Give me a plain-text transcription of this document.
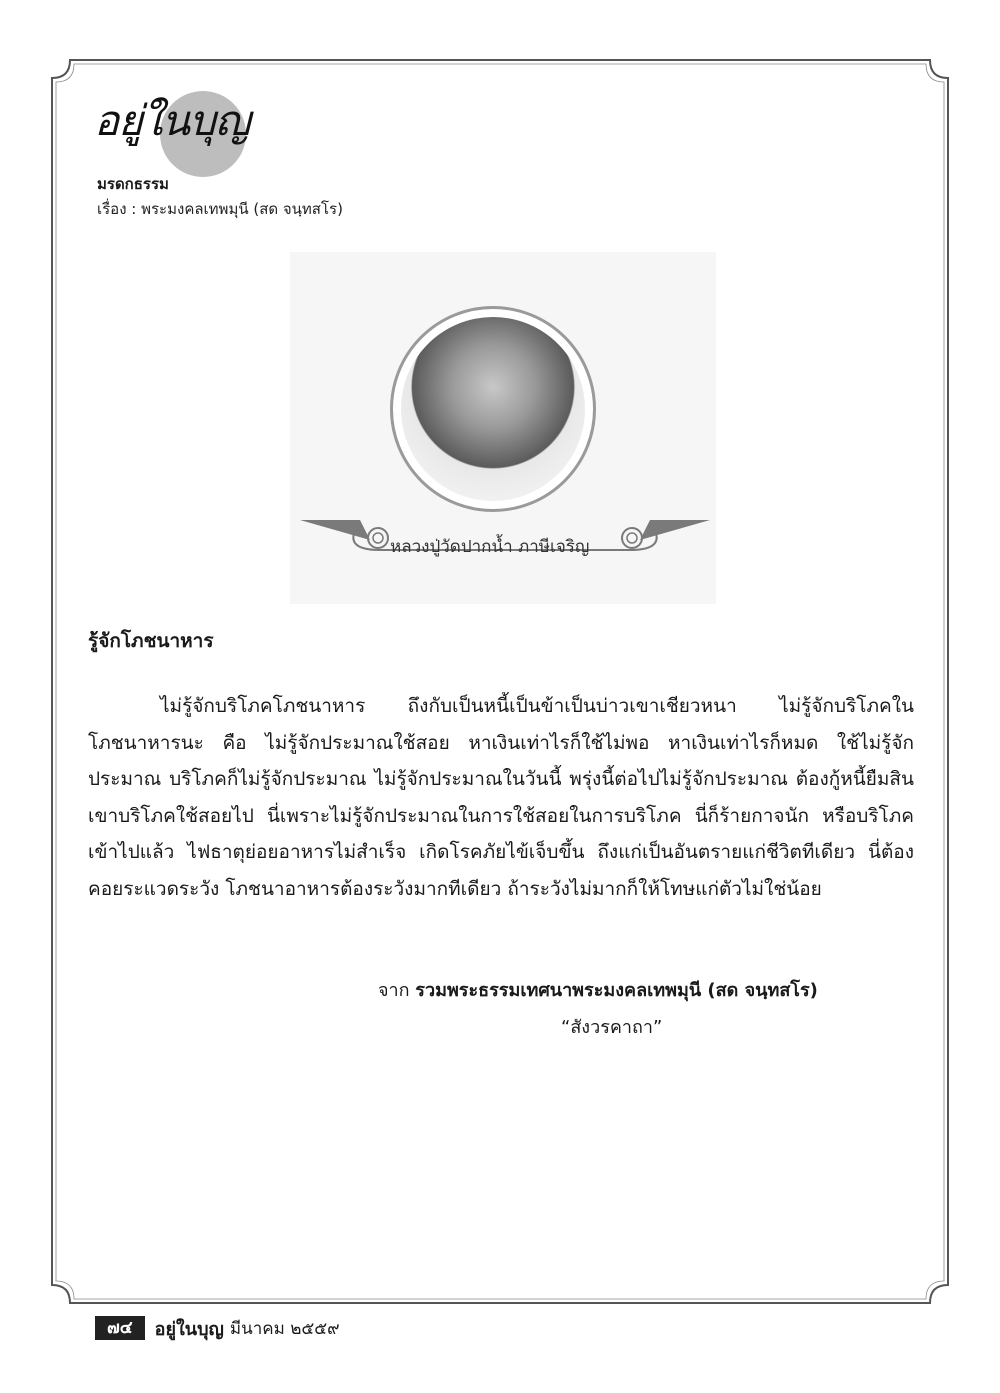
อยู่ในบุญ
มรดกธรรม
เรื่อง : พระมงคลเทพมุนี (สด จนฺทสโร)
หลวงปู่วัดปากน้ำ ภาษีเจริญ
รู้จักโภชนาหาร
ไม่รู้จักบริโภคโภชนาหาร ถึงกับเป็นหนี้เป็นข้าเป็นบ่าวเขาเชียวหนา ไม่รู้จักบริโภคในโภชนาหารนะ คือ ไม่รู้จักประมาณใช้สอย หาเงินเท่าไรก็ใช้ไม่พอ หาเงินเท่าไรก็หมด ใช้ไม่รู้จักประมาณ บริโภคก็ไม่รู้จักประมาณ ไม่รู้จักประมาณในวันนี้ พรุ่งนี้ต่อไปไม่รู้จักประมาณ ต้องกู้หนี้ยืมสินเขาบริโภคใช้สอยไป นี่เพราะไม่รู้จักประมาณในการใช้สอยในการบริโภค นี่ก็ร้ายกาจนัก หรือบริโภคเข้าไปแล้ว ไฟธาตุย่อยอาหารไม่สำเร็จ เกิดโรคภัยไข้เจ็บขึ้น ถึงแก่เป็นอันตรายแก่ชีวิตทีเดียว นี่ต้องคอยระแวดระวัง โภชนาอาหารต้องระวังมากทีเดียว ถ้าระวังไม่มากก็ให้โทษแก่ตัวไม่ใช่น้อย
จาก รวมพระธรรมเทศนาพระมงคลเทพมุนี (สด จนฺทสโร)
“สังวรคาถา”
๗๔	อยู่ในบุญ มีนาคม ๒๕๕๙
